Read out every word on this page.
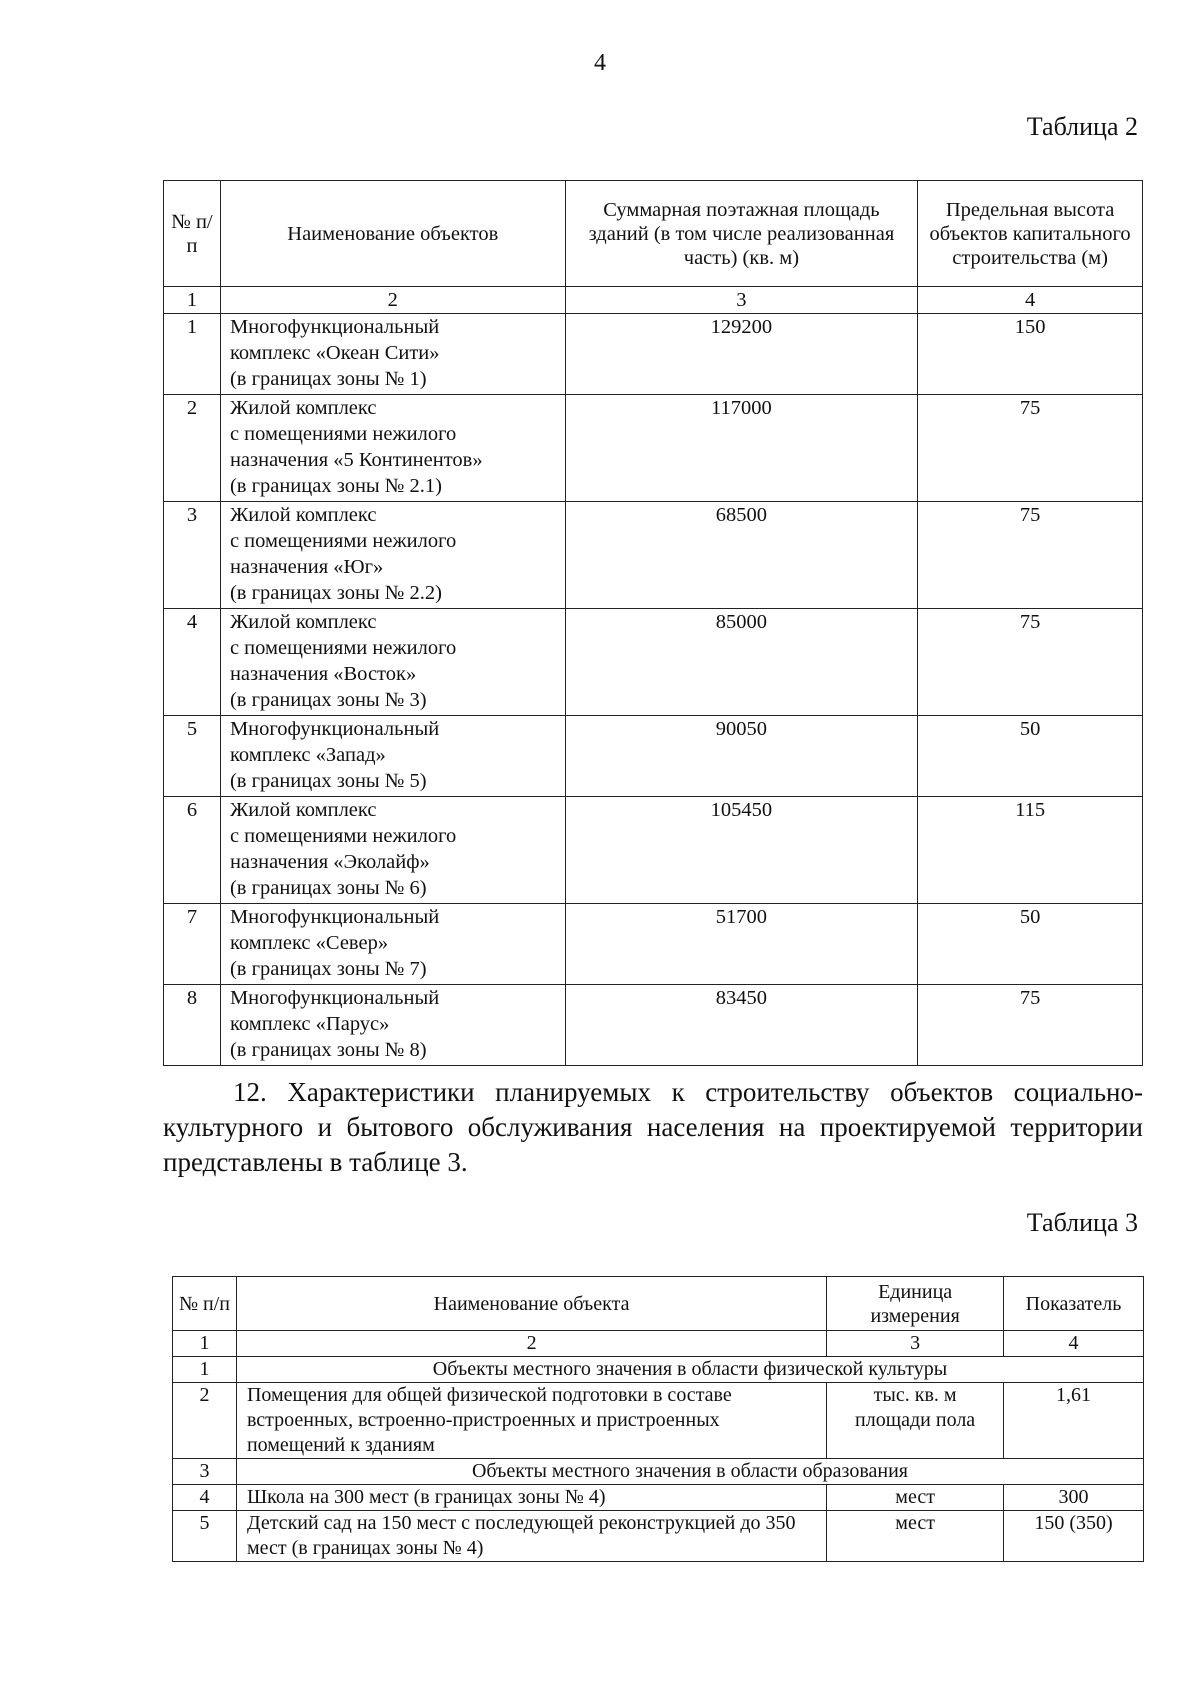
4
Таблица 2
№ п/п	Наименование объектов	Суммарная поэтажная площадь зданий (в том числе реализованная часть) (кв. м)	Предельная высота объектов капитального строительства (м)
1	2	3	4
1	Многофункциональный
комплекс «Океан Сити»
(в границах зоны № 1)	129200	150
2	Жилой комплекс
с помещениями нежилого
назначения «5 Континентов»
(в границах зоны № 2.1)	117000	75
3	Жилой комплекс
с помещениями нежилого
назначения «Юг»
(в границах зоны № 2.2)	68500	75
4	Жилой комплекс
с помещениями нежилого
назначения «Восток»
(в границах зоны № 3)	85000	75
5	Многофункциональный
комплекс «Запад»
(в границах зоны № 5)	90050	50
6	Жилой комплекс
с помещениями нежилого
назначения «Эколайф»
(в границах зоны № 6)	105450	115
7	Многофункциональный
комплекс «Север»
(в границах зоны № 7)	51700	50
8	Многофункциональный
комплекс «Парус»
(в границах зоны № 8)	83450	75
12. Характеристики планируемых к строительству объектов социально-культурного и бытового обслуживания населения на проектируемой территории представлены в таблице 3.
Таблица 3
№ п/п	Наименование объекта	Единица измерения	Показатель
1	2	3	4
1	Объекты местного значения в области физической культуры		
2	Помещения для общей физической подготовки в составе встроенных, встроенно-пристроенных и пристроенных помещений к зданиям	тыс. кв. м площади пола	1,61
3	Объекты местного значения в области образования		
4	Школа на 300 мест (в границах зоны № 4)	мест	300
5	Детский сад на 150 мест с последующей реконструкцией до 350 мест (в границах зоны № 4)	мест	150 (350)
